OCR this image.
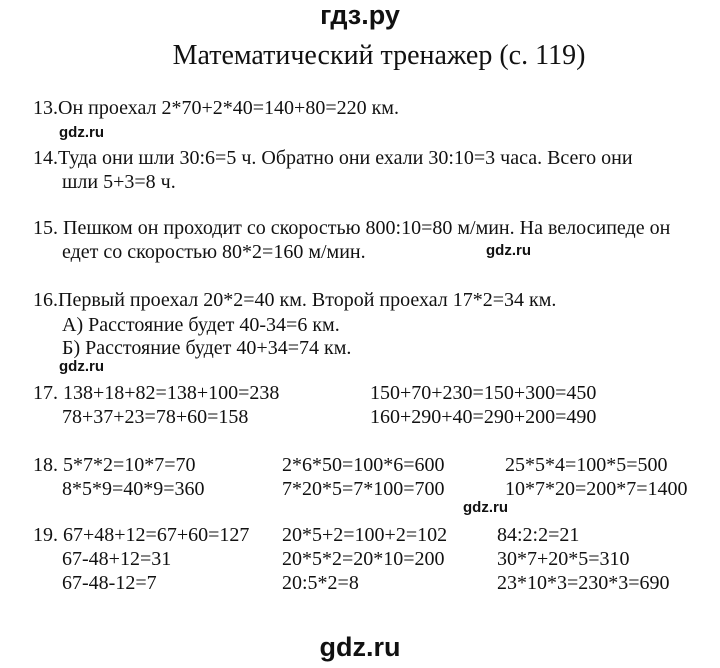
гдз.ру
Математический тренажер (с. 119)
13.Он проехал 2*70+2*40=140+80=220 км.
gdz.ru
14.Туда они шли 30:6=5 ч. Обратно они ехали 30:10=3 часа. Всего они
шли 5+3=8 ч.
15. Пешком он проходит со скоростью 800:10=80 м/мин. На велосипеде он
едет со скоростью 80*2=160 м/мин.	gdz.ru
16.Первый проехал 20*2=40 км. Второй проехал 17*2=34 км.
А) Расстояние будет 40-34=6 км.
Б) Расстояние будет 40+34=74 км.
gdz.ru
17. 138+18+82=138+100=238	150+70+230=150+300=450
78+37+23=78+60=158	160+290+40=290+200=490
18. 5*7*2=10*7=70	2*6*50=100*6=600	25*5*4=100*5=500
8*5*9=40*9=360	7*20*5=7*100=700	10*7*20=200*7=1400
gdz.ru
19. 67+48+12=67+60=127 20*5+2=100+2=102 84:2:2=21
67-48+12=31	20*5*2=20*10=200	30*7+20*5=310
67-48-12=7	20:5*2=8	23*10*3=230*3=690
gdz.ru
